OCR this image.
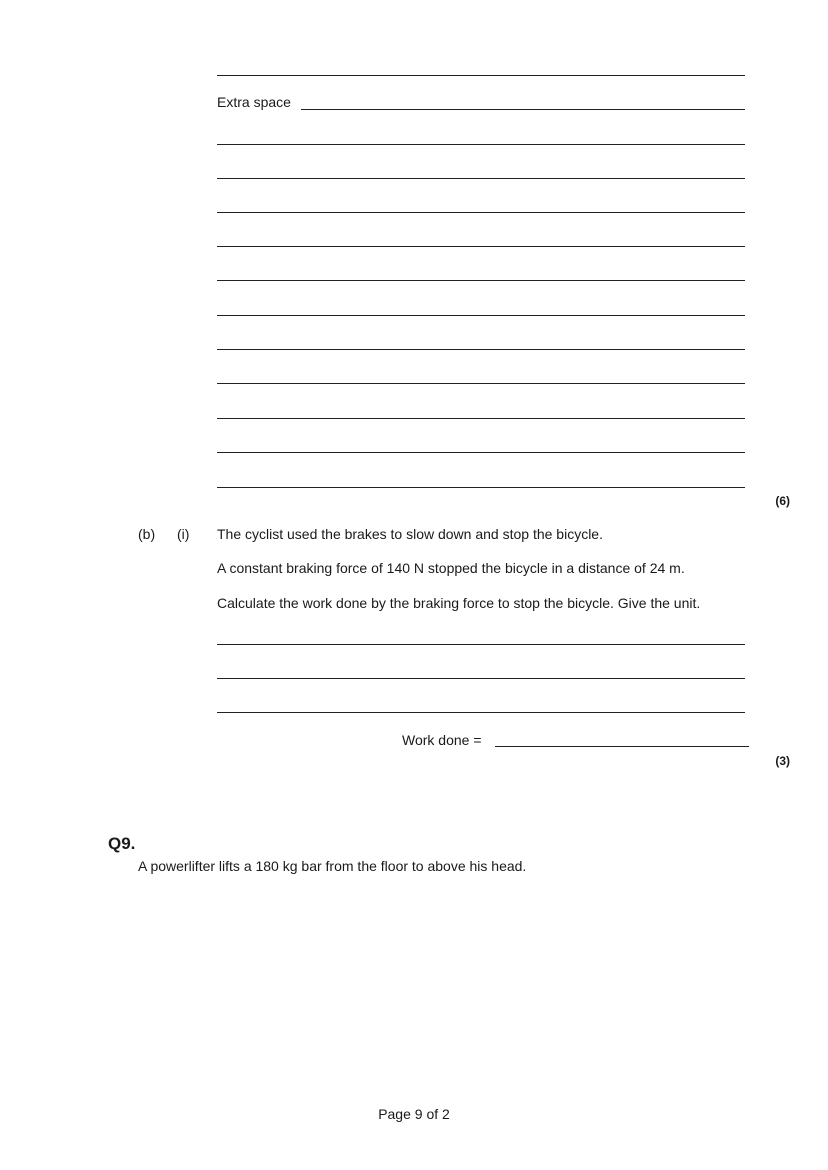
Extra space
(6)
(b) (i) The cyclist used the brakes to slow down and stop the bicycle.
A constant braking force of 140 N stopped the bicycle in a distance of 24 m.
Calculate the work done by the braking force to stop the bicycle. Give the unit.
Work done =
(3)
Q9.
A powerlifter lifts a 180 kg bar from the floor to above his head.
Page 9 of 2
